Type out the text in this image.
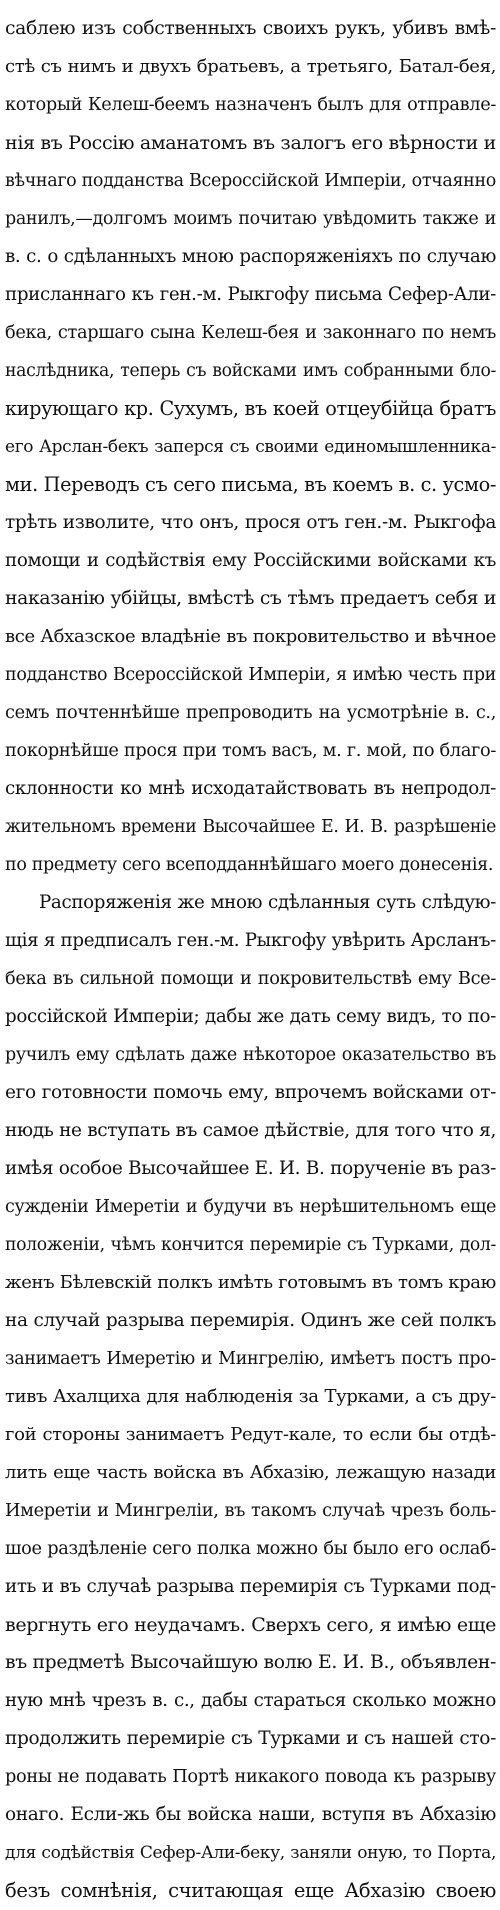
саблею изъ собственныхъ своихъ рукъ, убивъ вмѣ-
стѣ съ нимъ и двухъ братьевъ, а третьяго, Батал-бея,
который Келеш-беемъ назначенъ былъ для отправле-
нія въ Россію аманатомъ въ залогъ его вѣрности и
вѣчнаго подданства Всероссійской Имперіи, отчаянно
ранилъ,—долгомъ моимъ почитаю увѣдомить также и
в. с. о сдѣланныхъ мною распоряженіяхъ по случаю
присланнаго къ ген.-м. Рыкгофу письма Сефер-Али-
бека, старшаго сына Келеш-бея и законнаго по немъ
наслѣдника, теперь съ войсками имъ собранными бло-
кирующаго кр. Сухумъ, въ коей отцеубійца братъ
его Арслан-бекъ заперся съ своими единомышленника-
ми. Переводъ съ сего письма, въ коемъ в. с. усмо-
трѣть изволите, что онъ, прося отъ ген.-м. Рыкгофа
помощи и содѣйствія ему Россійскими войсками къ
наказанію убійцы, вмѣстѣ съ тѣмъ предаетъ себя и
все Абхазское владѣніе въ покровительство и вѣчное
подданство Всероссійской Имперіи, я имѣю честь при
семъ почтеннѣйше препроводить на усмотрѣніе в. с.,
покорнѣйше прося при томъ васъ, м. г. мой, по благо-
склонности ко мнѣ исходатайствовать въ непродол-
жительномъ времени Высочайшее Е. И. В. разрѣшеніе
по предмету сего всеподданнѣйшаго моего донесенія.
Распоряженія же мною сдѣланныя суть слѣдую-
щія я предписалъ ген.-м. Рыкгофу увѣрить Арсланъ-
бека въ сильной помощи и покровительствѣ ему Все-
россійской Имперіи; дабы же дать сему видъ, то по-
ручилъ ему сдѣлать даже нѣкоторое оказательство въ
его готовности помочь ему, впрочемъ войсками от-
нюдь не вступать въ самое дѣйствіе, для того что я,
имѣя особое Высочайшее Е. И. В. порученіе въ раз-
сужденіи Имеретіи и будучи въ нерѣшительномъ еще
положеніи, чѣмъ кончится перемиріе съ Турками, дол-
женъ Бѣлевскій полкъ имѣть готовымъ въ томъ краю
на случай разрыва перемирія. Одинъ же сей полкъ
занимаетъ Имеретію и Мингрелію, имѣетъ постъ про-
тивъ Ахалциха для наблюденія за Турками, а съ дру-
гой стороны занимаетъ Редут-кале, то если бы отдѣ-
лить еще часть войска въ Абхазію, лежащую назади
Имеретіи и Мингреліи, въ такомъ случаѣ чрезъ боль-
шое раздѣленіе сего полка можно бы было его ослаб-
ить и въ случаѣ разрыва перемирія съ Турками под-
вергнуть его неудачамъ. Сверхъ сего, я имѣю еще
въ предметѣ Высочайшую волю Е. И. В., объявлен-
ную мнѣ чрезъ в. с., дабы стараться сколько можно
продолжить перемиріе съ Турками и съ нашей сто-
роны не подавать Портѣ никакого повода къ разрыву
онаго. Если-жь бы войска наши, вступя въ Абхазію
для содѣйствія Сефер-Али-беку, заняли оную, то Порта,
безъ сомнѣнія, считающая еще Абхазію своею
